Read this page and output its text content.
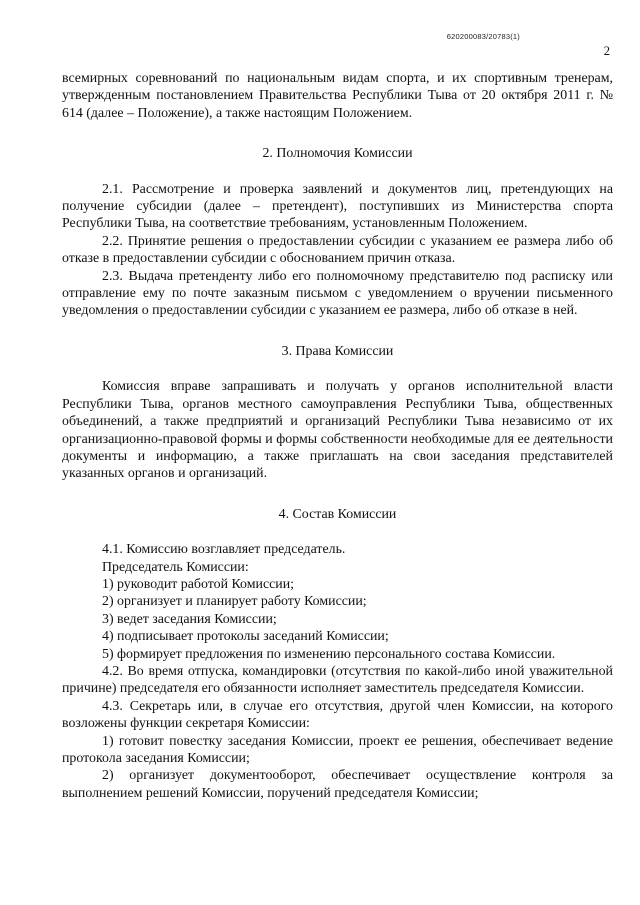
620200083/20783(1)
2

всемирных соревнований по национальным видам спорта, и их спортивным тренерам, утвержденным постановлением Правительства Республики Тыва от 20 октября 2011 г. № 614 (далее – Положение), а также настоящим Положением.

2. Полномочия Комиссии

2.1. Рассмотрение и проверка заявлений и документов лиц, претендующих на получение субсидии (далее – претендент), поступивших из Министерства спорта Республики Тыва, на соответствие требованиям, установленным Положением.

2.2. Принятие решения о предоставлении субсидии с указанием ее размера либо об отказе в предоставлении субсидии с обоснованием причин отказа.

2.3. Выдача претенденту либо его полномочному представителю под расписку или отправление ему по почте заказным письмом с уведомлением о вручении письменного уведомления о предоставлении субсидии с указанием ее размера, либо об отказе в ней.

3. Права Комиссии

Комиссия вправе запрашивать и получать у органов исполнительной власти Республики Тыва, органов местного самоуправления Республики Тыва, общественных объединений, а также предприятий и организаций Республики Тыва независимо от их организационно-правовой формы и формы собственности необходимые для ее деятельности документы и информацию, а также приглашать на свои заседания представителей указанных органов и организаций.

4. Состав Комиссии

4.1. Комиссию возглавляет председатель.

Председатель Комиссии:

1) руководит работой Комиссии;

2) организует и планирует работу Комиссии;

3) ведет заседания Комиссии;

4) подписывает протоколы заседаний Комиссии;

5) формирует предложения по изменению персонального состава Комиссии.

4.2. Во время отпуска, командировки (отсутствия по какой-либо иной уважительной причине) председателя его обязанности исполняет заместитель председателя Комиссии.

4.3. Секретарь или, в случае его отсутствия, другой член Комиссии, на которого возложены функции секретаря Комиссии:

1) готовит повестку заседания Комиссии, проект ее решения, обеспечивает ведение протокола заседания Комиссии;

2) организует документооборот, обеспечивает осуществление контроля за выполнением решений Комиссии, поручений председателя Комиссии;
